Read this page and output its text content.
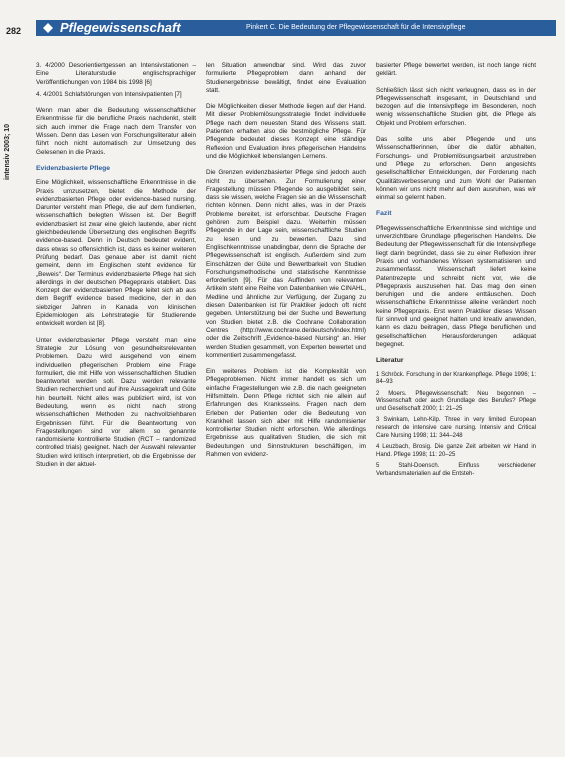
282	Pflegewissenschaft	Pinkert C. Die Bedeutung der Pflegewissenschaft für die Intensivpflege
intensiv 2003; 10
3. 4/2000 Desorientiertgessen an Intensivstationen – Eine Literaturstudie englischsprachiger Veröffentlichungen von 1984 bis 1998 [6]
4. 4/2001 Schlafstörungen von Intensivpatienten [7]

Wenn man aber die Bedeutung wissenschaftlicher Erkenntnisse für die berufliche Praxis nachdenkt, stellt sich auch immer die Frage nach dem Transfer von Wissen. Denn das Lesen von Forschungsliteratur allein führt noch nicht automatisch zur Umsetzung des Gelesenen in die Praxis.

Evidenzbasierte Pflege

Eine Möglichkeit, wissenschaftliche Erkenntnisse in die Praxis umzusetzen, bietet die Methode der evidenzbasierten Pflege oder evidence-based nursing. Darunter versteht man Pflege, die auf dem fundierten, wissenschaftlich belegten Wissen ist. Der Begriff evidenzbasiert ist zwar eine gleich lautende, aber nicht gleichbedeutende Übersetzung des englischen Begriffs evidence-based. Denn in Deutsch bedeutet evident, dass etwas so offensichtlich ist, dass es keiner weiteren Prüfung bedarf. Das genaue aber ist damit nicht gemeint, denn im Englischen steht evidence für „Beweis“. Der Terminus evidenzbasierte Pflege hat sich allerdings in der deutschen Pflegepraxis etabliert. Das Konzept der evidenzbasierten Pflege leitet sich ab aus dem Begriff evidence based medicine, der in den siebziger Jahren in Kanada von klinischen Epidemiologen als Lehrstrategie für Studierende entwickelt worden ist [8].

Unter evidenzbasierter Pflege versteht man eine Strategie zur Lösung von gesundheitsrelevanten Problemen. Dazu wird ausgehend von einem individuellen pflegerischen Problem eine Frage formuliert, die mit Hilfe von wissenschaftlichen Studien beantwortet werden soll. Dazu werden relevante Studien recherchiert und auf ihre Aussagekraft und Güte hin beurteilt. Nicht alles was publiziert wird, ist von Bedeutung, wenn es nicht nach strong wissenschaftlichen Methoden zu nachvollziehbaren Ergebnissen führt. Für die Beantwortung von Fragestellungen sind vor allem so genannte randomisierte kontrollierte Studien (RCT – randomized controlled trials) geeignet. Nach der Auswahl relevanter Studien wird kritisch interpretiert, ob die Ergebnisse der Studien in der aktuel-

len Situation anwendbar sind. Wird das zuvor formulierte Pflegeproblem dann anhand der Studienergebnisse bewältigt, findet eine Evaluation statt.

Die Möglichkeiten dieser Methode liegen auf der Hand. Mit dieser Problemlösungsstrategie findet individuelle Pflege nach dem neuesten Stand des Wissens statt. Patienten erhalten also die bestmögliche Pflege. Für Pflegende bedeutet dieses Konzept eine ständige Reflexion und Evaluation ihres pflegerischen Handelns und die Möglichkeit lebenslangen Lernens.

Die Grenzen evidenzbasierter Pflege sind jedoch auch nicht zu übersehen. Zur Formulierung einer Fragestellung müssen Pflegende so ausgebildet sein, dass sie wissen, welche Fragen sie an die Wissenschaft richten können. Denn nicht alles, was in der Praxis Probleme bereitet, ist erforschbar. Deutsche Fragen gehören zum Beispiel dazu. Weiterhin müssen Pflegende in der Lage sein, wissenschaftliche Studien zu lesen und zu bewerten. Dazu sind Englischkenntnisse unabdingbar, denn die Sprache der Pflegewissenschaft ist englisch. Außerdem sind zum Einschätzen der Güte und Bewertbarkeit von Studien Forschungsmethodische und statistische Kenntnisse erforderlich [9]. Für das Auffinden von relevanten Artikeln steht eine Reihe von Datenbanken wie CINAHL, Medline und ähnliche zur Verfügung, der Zugang zu diesen Datenbanken ist für Praktiker jedoch oft nicht gegeben. Unterstützung bei der Suche und Bewertung von Studien bietet z.B. die Cochrane Collaboration Centres (http://www.cochrane.de/deutsch/index.html) oder die Zeitschrift „Evidence-based Nursing“ an. Hier werden Studien gesammelt, von Experten bewertet und kommentiert zusammengefasst.

Ein weiteres Problem ist die Komplexität von Pflegeproblemen. Nicht immer handelt es sich um einfache Fragestellungen wie z.B. die nach geeigneten Hilfsmitteln. Denn Pflege richtet sich nie allein auf Erfahrungen des Kranksseins. Fragen nach dem Erleben der Patienten oder die Bedeutung von Krankheit lassen sich aber mit Hilfe randomisierter kontrollierter Studien nicht erforschen. Wie allerdings Ergebnisse aus qualitativen Studien, die sich mit Bedeutungen und Sinnstrukturen beschäftigen, im Rahmen von evidenz-

basierter Pflege bewertet werden, ist noch lange nicht geklärt.

Schließlich lässt sich nicht verleugnen, dass es in der Pflegewissenschaft insgesamt, in Deutschland und bezogen auf die Intensivpflege im Besonderen, noch wenig wissenschaftliche Studien gibt, die Pflege als Objekt und Problem erforschen.

Das sollte uns aber Pflegende und uns Wissenschaftlerinnen, über die dafür abhalten, Forschungs- und Problemlösungsarbeit anzustreben und Pflege zu erforschen. Denn angesichts gesellschaftlicher Entwicklungen, der Forderung nach Qualitätsverbesserung und zum Wohl der Patienten können wir uns nicht mehr auf dem ausruhen, was wir einmal so gelernt haben.

Fazit

Pflegewissenschaftliche Erkenntnisse sind wichtige und unverzichtbare Grundlage pflegerischen Handelns. Die Bedeutung der Pflegewissenschaft für die Intensivpflege liegt darin begründet, dass sie zu einer Reflexion ihrer Praxis und vorhandenes Wissen systematisieren und zusammenfasst. Wissenschaft liefert keine Patentrezepte und schreibt nicht vor, wie die Pflegepraxis auszusehen hat. Das mag den einen beruhigen und die andere enttäuschen. Doch wissenschaftliche Erkenntnisse alleine verändert noch keine Pflegepraxis. Erst wenn Praktiker dieses Wissen für sinnvoll und geeignet halten und kreativ anwenden, kann es dazu beitragen, dass Pflege beruflichen und gesellschaftlichen Herausforderungen adäquat begegnet.

Literatur
1 Schröck. Forschung in der Krankenpflege. Pflege 1996; 1: 84–93
2 Moers. Pflegewissenschaft: Neu begonnen – Wissenschaft oder auch Grundlage des Berufes? Pflege und Gesellschaft 2000; 1: 21–25
3 Swinkam, Lehn-Kilp. Three in very limited European research de intensive care nursing. Intensiv and Critical Care Nursing 1998; 11: 344–248
4 Leuzbach, Brosig. Die ganze Zeit arbeiten wir Hand in Hand. Pflege 1998; 11: 20–25
5 Stahl-Doensch. Einfluss verschiedener Verbandsmaterialien auf die Entsteh-
